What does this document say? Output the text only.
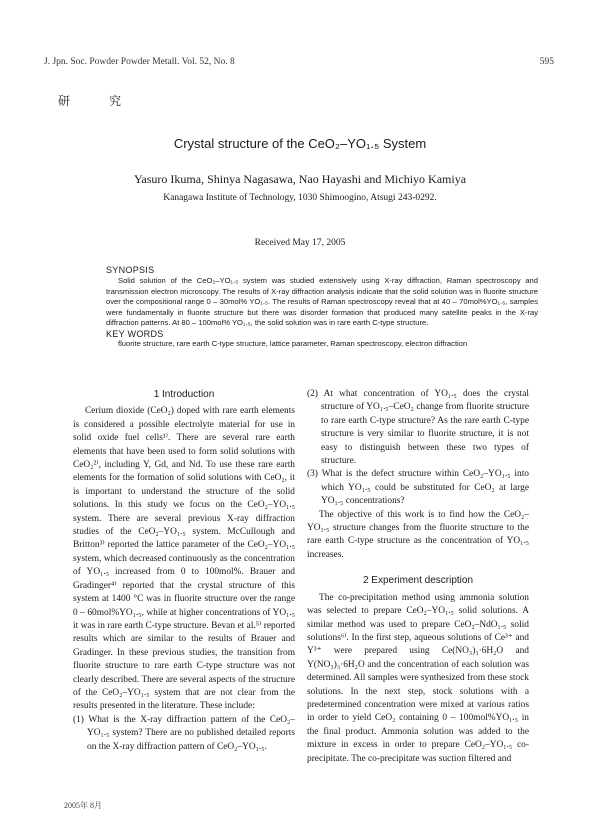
J. Jpn. Soc. Powder Powder Metall. Vol. 52, No. 8	595
研 究
Crystal structure of the CeO₂–YO₁.₅ System
Yasuro Ikuma, Shinya Nagasawa, Nao Hayashi and Michiyo Kamiya
Kanagawa Institute of Technology, 1030 Shimoogino, Atsugi 243-0292.
Received May 17, 2005
SYNOPSIS

Solid solution of the CeO₂–YO₁.₅ system was studied extensively using X-ray diffraction, Raman spectroscopy and transmission electron microscopy. The results of X-ray diffraction analysis indicate that the solid solution was in fluorite structure over the compositional range 0 – 30mol% YO₁.₅. The results of Raman spectroscopy reveal that at 40 – 70mol%YO₁.₅, samples were fundamentally in fluorite structure but there was disorder formation that produced many satellite peaks in the X-ray diffraction patterns. At 80 – 100mol% YO₁.₅, the solid solution was in rare earth C-type structure.

KEY WORDS

fluorite structure, rare earth C-type structure, lattice parameter, Raman spectroscopy, electron diffraction

1 Introduction

Cerium dioxide (CeO₂) doped with rare earth elements is considered a possible electrolyte material for use in solid oxide fuel cells¹⁾. There are several rare earth elements that have been used to form solid solutions with CeO₂²⁾, including Y, Gd, and Nd. To use these rare earth elements for the formation of solid solutions with CeO₂, it is important to understand the structure of the solid solutions. In this study we focus on the CeO₂–YO₁.₅ system. There are several previous X-ray diffraction studies of the CeO₂–YO₁.₅ system. McCullough and Britton³⁾ reported the lattice parameter of the CeO₂–YO₁.₅ system, which decreased continuously as the concentration of YO₁.₅ increased from 0 to 100mol%. Brauer and Gradinger⁴⁾ reported that the crystal structure of this system at 1400 °C was in fluorite structure over the range 0 – 60mol%YO₁.₅, while at higher concentrations of YO₁.₅ it was in rare earth C-type structure. Bevan et al.⁵⁾ reported results which are similar to the results of Brauer and Gradinger. In these previous studies, the transition from fluorite structure to rare earth C-type structure was not clearly described. There are several aspects of the structure of the CeO₂–YO₁.₅ system that are not clear from the results presented in the literature. These include:

(1) What is the X-ray diffraction pattern of the CeO₂–YO₁.₅ system? There are no published detailed reports on the X-ray diffraction pattern of CeO₂–YO₁.₅.

(2) At what concentration of YO₁.₅ does the crystal structure of YO₁.₅–CeO₂ change from fluorite structure to rare earth C-type structure? As the rare earth C-type structure is very similar to fluorite structure, it is not easy to distinguish between these two types of structure.

(3) What is the defect structure within CeO₂–YO₁.₅ into which YO₁.₅ could be substituted for CeO₂ at large YO₁.₅ concentrations?

The objective of this work is to find how the CeO₂–YO₁.₅ structure changes from the fluorite structure to the rare earth C-type structure as the concentration of YO₁.₅ increases.

2 Experiment description

The co-precipitation method using ammonia solution was selected to prepare CeO₂–YO₁.₅ solid solutions. A similar method was used to prepare CeO₂–NdO₁.₅ solid solutions⁶⁾. In the first step, aqueous solutions of Ce³⁺ and Y³⁺ were prepared using Ce(NO₃)₃·6H₂O and Y(NO₃)₃·6H₂O and the concentration of each solution was determined. All samples were synthesized from these stock solutions. In the next step, stock solutions with a predetermined concentration were mixed at various ratios in order to yield CeO₂ containing 0 – 100mol%YO₁.₅ in the final product. Ammonia solution was added to the mixture in excess in order to prepare CeO₂–YO₁.₅ co-precipitate. The co-precipitate was suction filtered and

2005年 8月
